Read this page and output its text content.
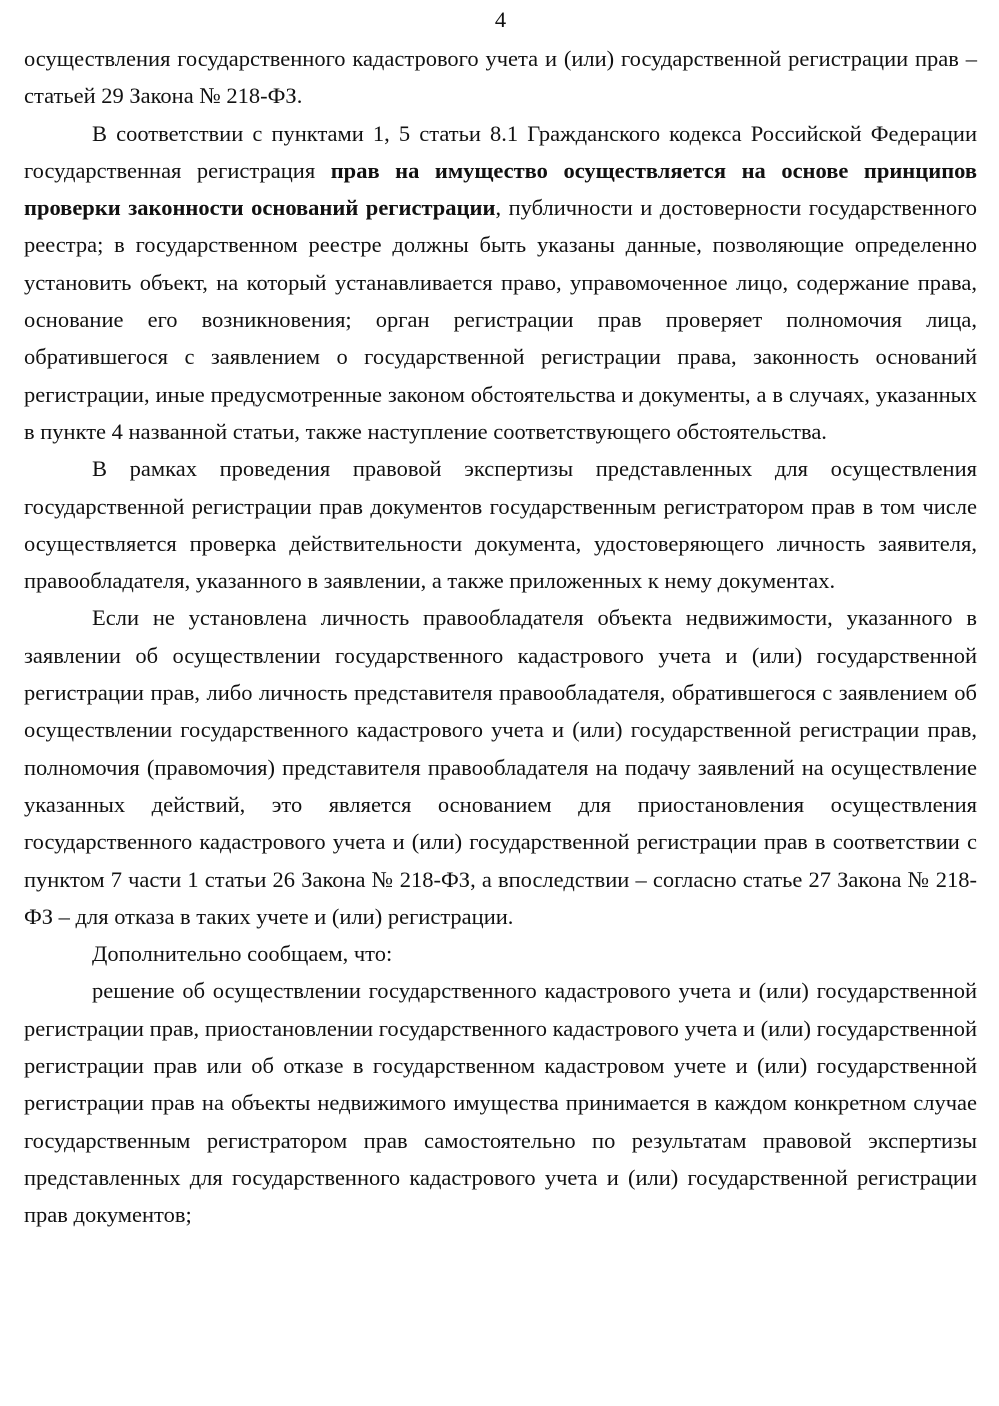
4

осуществления государственного кадастрового учета и (или) государственной регистрации прав – статьей 29 Закона № 218-ФЗ.

В соответствии с пунктами 1, 5 статьи 8.1 Гражданского кодекса Российской Федерации государственная регистрация прав на имущество осуществляется на основе принципов проверки законности оснований регистрации, публичности и достоверности государственного реестра; в государственном реестре должны быть указаны данные, позволяющие определенно установить объект, на который устанавливается право, управомоченное лицо, содержание права, основание его возникновения; орган регистрации прав проверяет полномочия лица, обратившегося с заявлением о государственной регистрации права, законность оснований регистрации, иные предусмотренные законом обстоятельства и документы, а в случаях, указанных в пункте 4 названной статьи, также наступление соответствующего обстоятельства.

В рамках проведения правовой экспертизы представленных для осуществления государственной регистрации прав документов государственным регистратором прав в том числе осуществляется проверка действительности документа, удостоверяющего личность заявителя, правообладателя, указанного в заявлении, а также приложенных к нему документах.

Если не установлена личность правообладателя объекта недвижимости, указанного в заявлении об осуществлении государственного кадастрового учета и (или) государственной регистрации прав, либо личность представителя правообладателя, обратившегося с заявлением об осуществлении государственного кадастрового учета и (или) государственной регистрации прав, полномочия (правомочия) представителя правообладателя на подачу заявлений на осуществление указанных действий, это является основанием для приостановления осуществления государственного кадастрового учета и (или) государственной регистрации прав в соответствии с пунктом 7 части 1 статьи 26 Закона № 218-ФЗ, а впоследствии – согласно статье 27 Закона № 218-ФЗ – для отказа в таких учете и (или) регистрации.

Дополнительно сообщаем, что:

решение об осуществлении государственного кадастрового учета и (или) государственной регистрации прав, приостановлении государственного кадастрового учета и (или) государственной регистрации прав или об отказе в государственном кадастровом учете и (или) государственной регистрации прав на объекты недвижимого имущества принимается в каждом конкретном случае государственным регистратором прав самостоятельно по результатам правовой экспертизы представленных для государственного кадастрового учета и (или) государственной регистрации прав документов;
